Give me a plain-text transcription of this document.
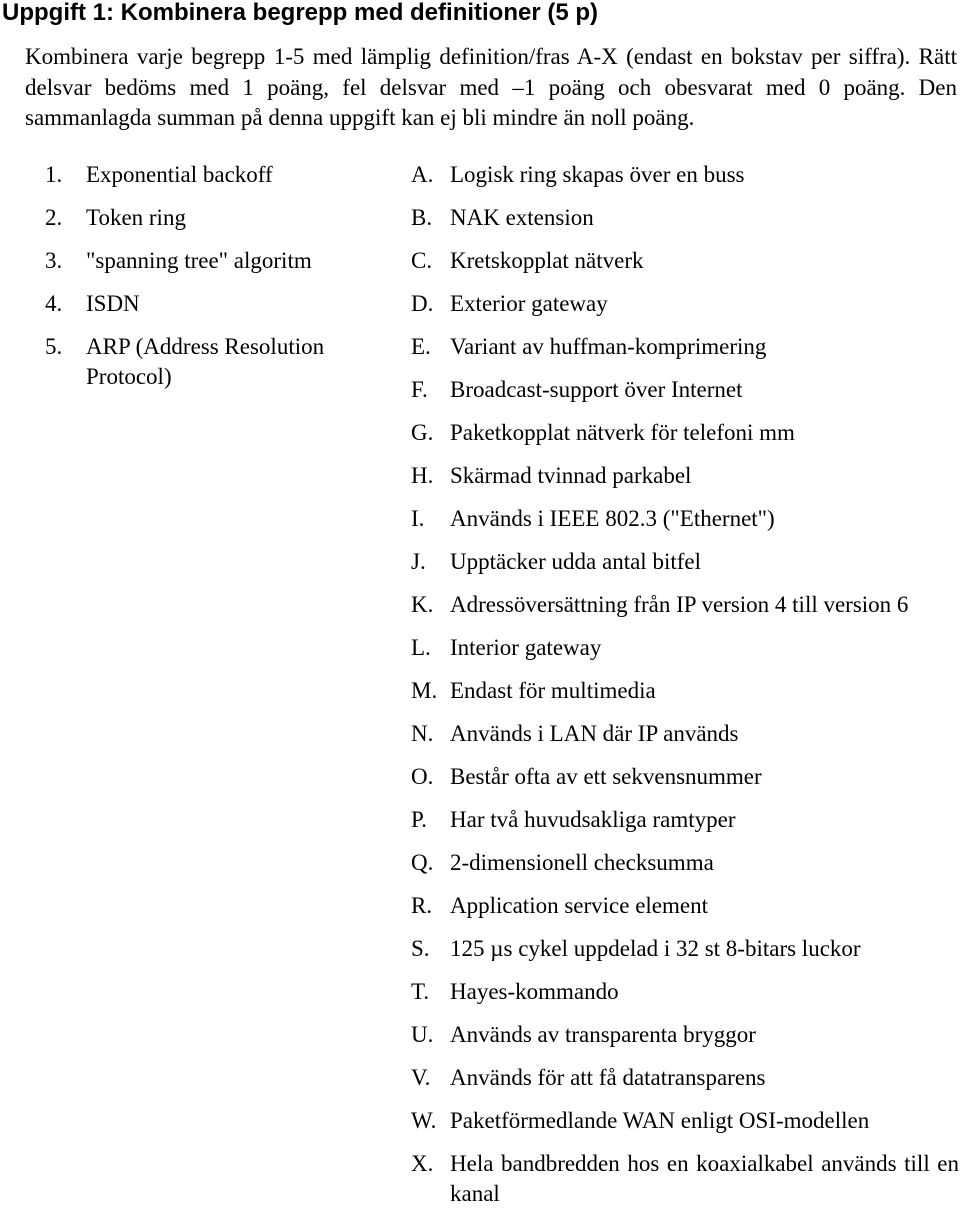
Uppgift 1: Kombinera begrepp med definitioner (5 p)

Kombinera varje begrepp 1-5 med lämplig definition/fras A-X (endast en bokstav per siffra). Rätt delsvar bedöms med 1 poäng, fel delsvar med –1 poäng och obesvarat med 0 poäng. Den sammanlagda summan på denna uppgift kan ej bli mindre än noll poäng.

1.	Exponential backoff
2.	Token ring
3.	"spanning tree" algoritm
4.	ISDN
5.	ARP (Address Resolution Protocol)
A. Logisk ring skapas över en buss
B. NAK extension
C. Kretskopplat nätverk
D. Exterior gateway
E. Variant av huffman-komprimering
F. Broadcast-support över Internet
G. Paketkopplat nätverk för telefoni mm
H. Skärmad tvinnad parkabel
I.	Används i IEEE 802.3 ("Ethernet")
J.	Upptäcker udda antal bitfel
K. Adressöversättning från IP version 4 till version 6
L. Interior gateway
M. Endast för multimedia
N. Används i LAN där IP används
O. Består ofta av ett sekvensnummer
P.	Har två huvudsakliga ramtyper
Q. 2-dimensionell checksumma
R. Application service element
S. 125 µs cykel uppdelad i 32 st 8-bitars luckor
T. Hayes-kommando
U. Används av transparenta bryggor
V. Används för att få datatransparens
W. Paketförmedlande WAN enligt OSI-modellen
X. Hela bandbredden hos en koaxialkabel används till en kanal
